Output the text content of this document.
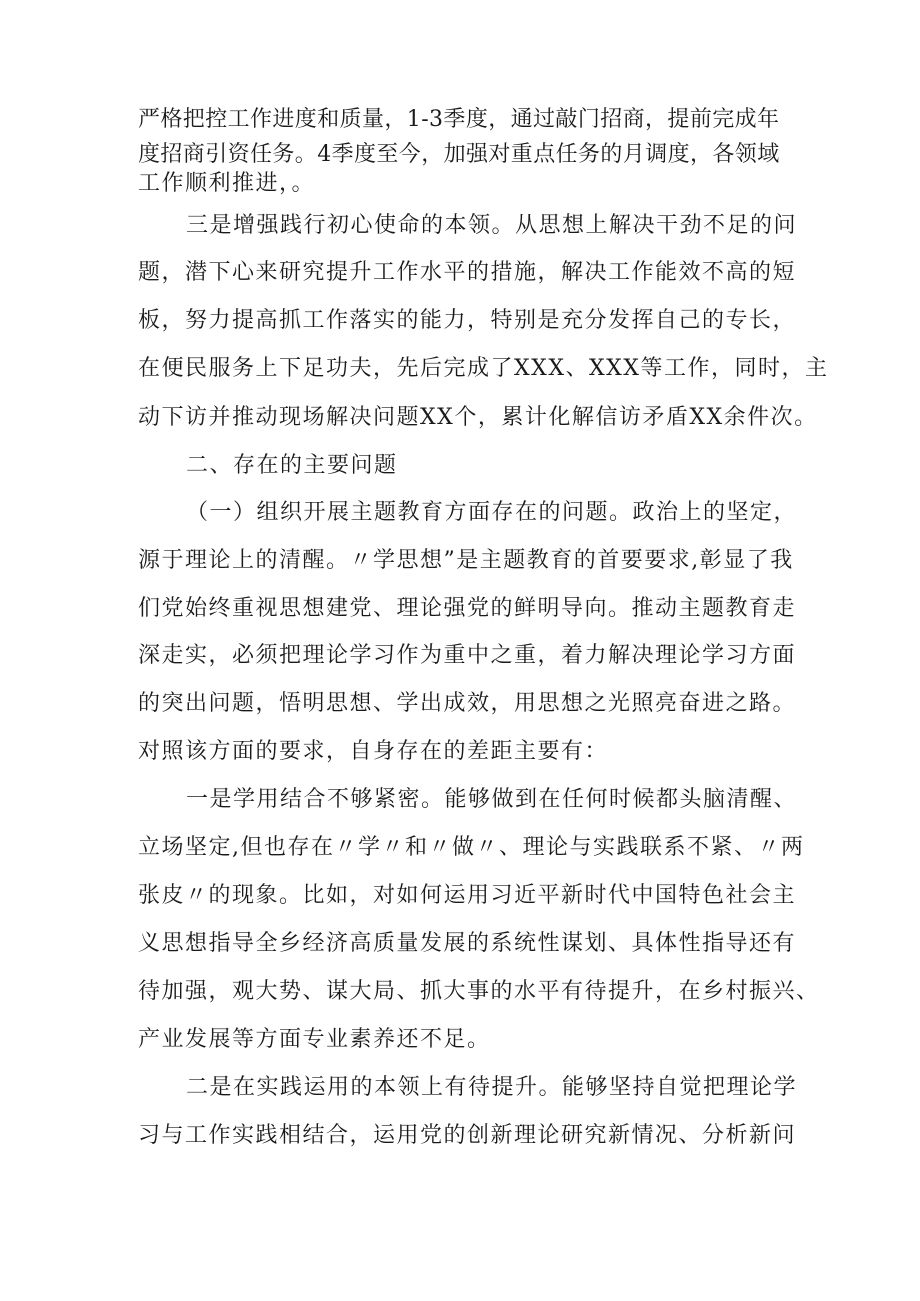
严格把控工作进度和质量，1-3季度，通过敲门招商，提前完成年
度招商引资任务。4季度至今，加强对重点任务的月调度，各领域
工作顺利推进，。
三是增强践行初心使命的本领。从思想上解决干劲不足的问
题，潜下心来研究提升工作水平的措施，解决工作能效不高的短
板，努力提高抓工作落实的能力，特别是充分发挥自己的专长，
在便民服务上下足功夫，先后完成了XXX、XXX等工作，同时，主
动下访并推动现场解决问题XX个，累计化解信访矛盾XX余件次。
二、存在的主要问题
（一）组织开展主题教育方面存在的问题。政治上的坚定，
源于理论上的清醒。〃学思想”是主题教育的首要要求,彰显了我
们党始终重视思想建党、理论强党的鲜明导向。推动主题教育走
深走实，必须把理论学习作为重中之重，着力解决理论学习方面
的突出问题，悟明思想、学出成效，用思想之光照亮奋进之路。
对照该方面的要求，自身存在的差距主要有：
一是学用结合不够紧密。能够做到在任何时候都头脑清醒、
立场坚定,但也存在〃学〃和〃做〃、理论与实践联系不紧、〃两
张皮〃的现象。比如，对如何运用习近平新时代中国特色社会主
义思想指导全乡经济高质量发展的系统性谋划、具体性指导还有
待加强，观大势、谋大局、抓大事的水平有待提升，在乡村振兴、
产业发展等方面专业素养还不足。
二是在实践运用的本领上有待提升。能够坚持自觉把理论学
习与工作实践相结合，运用党的创新理论研究新情况、分析新问
